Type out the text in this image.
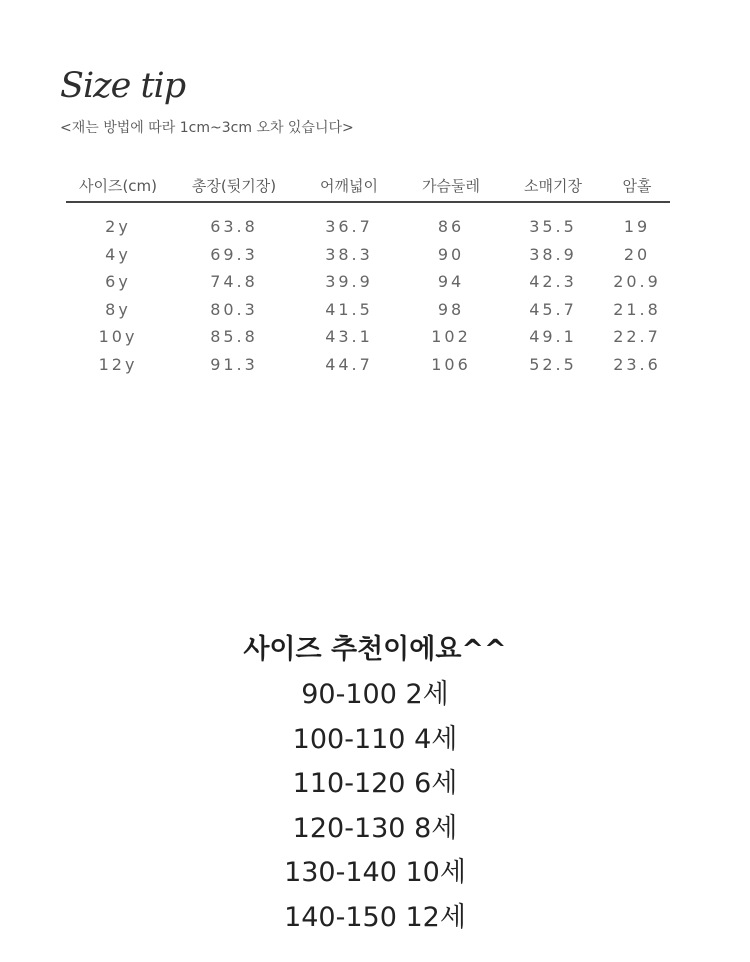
Size tip
<재는 방법에 따라 1cm~3cm 오차 있습니다>
사이즈(cm)	총장(뒷기장)	어깨넓이	가슴둘레	소매기장	암홀
2y	63.8	36.7	86	35.5	19
4y	69.3	38.3	90	38.9	20
6y	74.8	39.9	94	42.3	20.9
8y	80.3	41.5	98	45.7	21.8
10y	85.8	43.1	102	49.1	22.7
12y	91.3	44.7	106	52.5	23.6
사이즈 추천이에요^^
90-100 2세
100-110 4세
110-120 6세
120-130 8세
130-140 10세
140-150 12세
